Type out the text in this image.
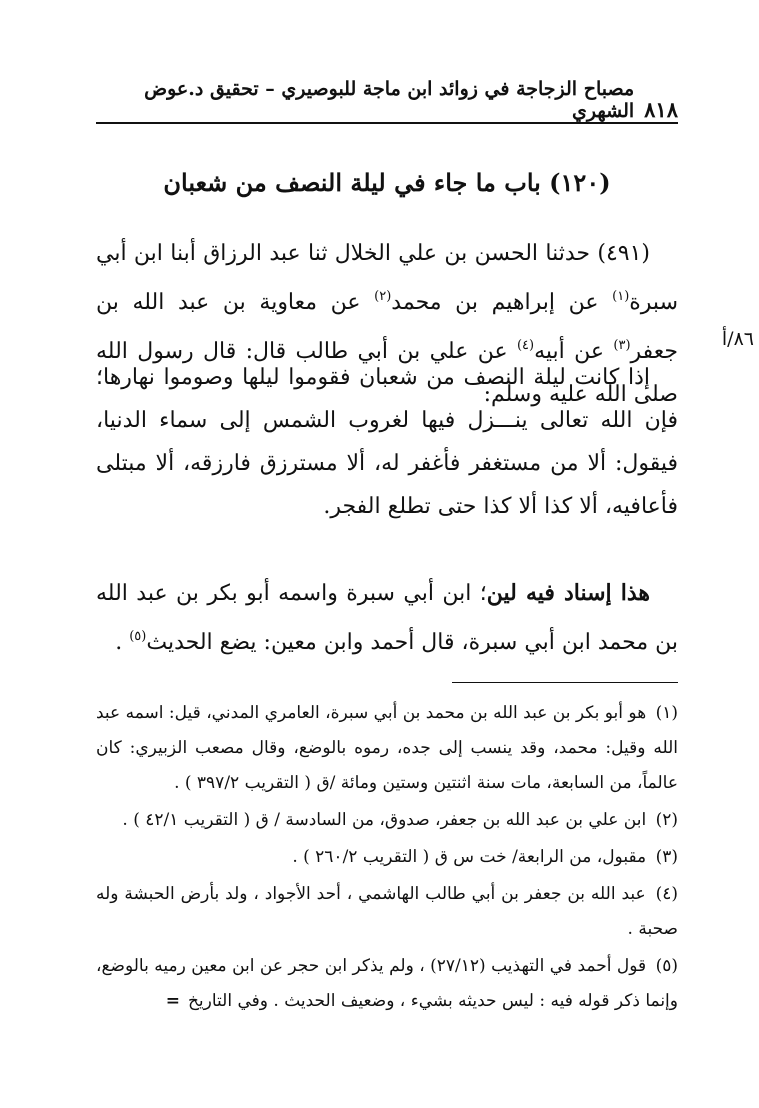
٨١٨
مصباح الزجاجة في زوائد ابن ماجة للبوصيري – تحقيق د.عوض الشهري
(١٢٠) باب ما جاء في ليلة النصف من شعبان
(٤٩١) حدثنا الحسن بن علي الخلال ثنا عبد الرزاق أبنا ابن أبي سبرة$^{(١)}$ عن إبراهيم بن محمد$^{(٢)}$ عن معاوية بن عبد الله بن جعفر$^{(٣)}$ عن أبيه$^{(٤)}$ عن علي بن أبي طالب قال: قال رسول الله صلى الله عليه وسلم:
٨٦/أ
إذا كانت ليلة النصف من شعبان فقوموا ليلها وصوموا نهارها؛ فإن الله تعالى ينـــزل فيها لغروب الشمس إلى سماء الدنيا، فيقول: ألا من مستغفر فأغفر له، ألا مسترزق فارزقه، ألا مبتلى فأعافيه، ألا كذا ألا كذا حتى تطلع الفجر.
هذا إسناد فيه لين؛ ابن أبي سبرة واسمه أبو بكر بن عبد الله بن محمد ابن أبي سبرة، قال أحمد وابن معين: يضع الحديث$^{(٥)}$ .
(١) هو أبو بكر بن عبد الله بن محمد بن أبي سبرة، العامري المدني، قيل: اسمه عبد الله وقيل: محمد، وقد ينسب إلى جده، رموه بالوضع، وقال مصعب الزبيري: كان عالماً، من السابعة، مات سنة اثنتين وستين ومائة /ق ( التقريب ٣٩٧/٢ ) .
(٢) ابن علي بن عبد الله بن جعفر، صدوق، من السادسة / ق ( التقريب ٤٢/١ ) .
(٣) مقبول، من الرابعة/ خت س ق ( التقريب ٢٦٠/٢ ) .
(٤) عبد الله بن جعفر بن أبي طالب الهاشمي ، أحد الأجواد ، ولد بأرض الحبشة وله صحبة .
(٥) قول أحمد في التهذيب (٢٧/١٢) ، ولم يذكر ابن حجر عن ابن معين رميه بالوضع، وإنما ذكر قوله فيه : ليس حديثه بشيء ، وضعيف الحديث . وفي التاريخ=
